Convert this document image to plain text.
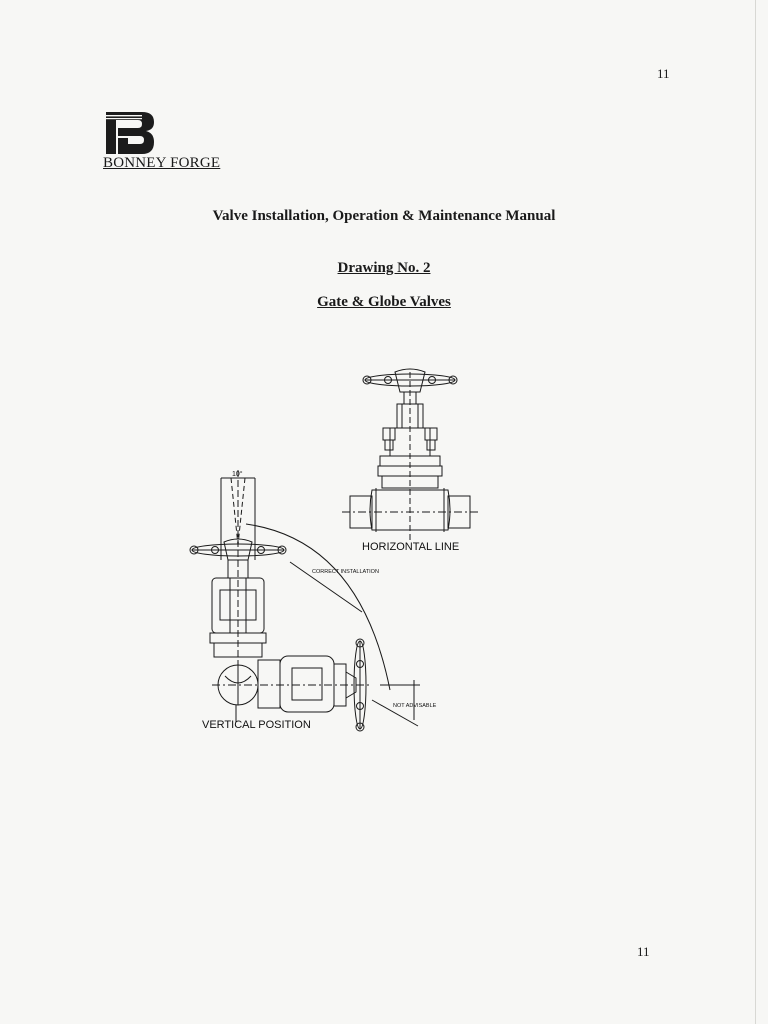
11
BONNEY FORGE
Valve Installation, Operation & Maintenance Manual
Drawing No. 2
Gate & Globe Valves
10°
HORIZONTAL LINE
CORRECT INSTALLATION
NOT ADVISABLE
VERTICAL POSITION
11
